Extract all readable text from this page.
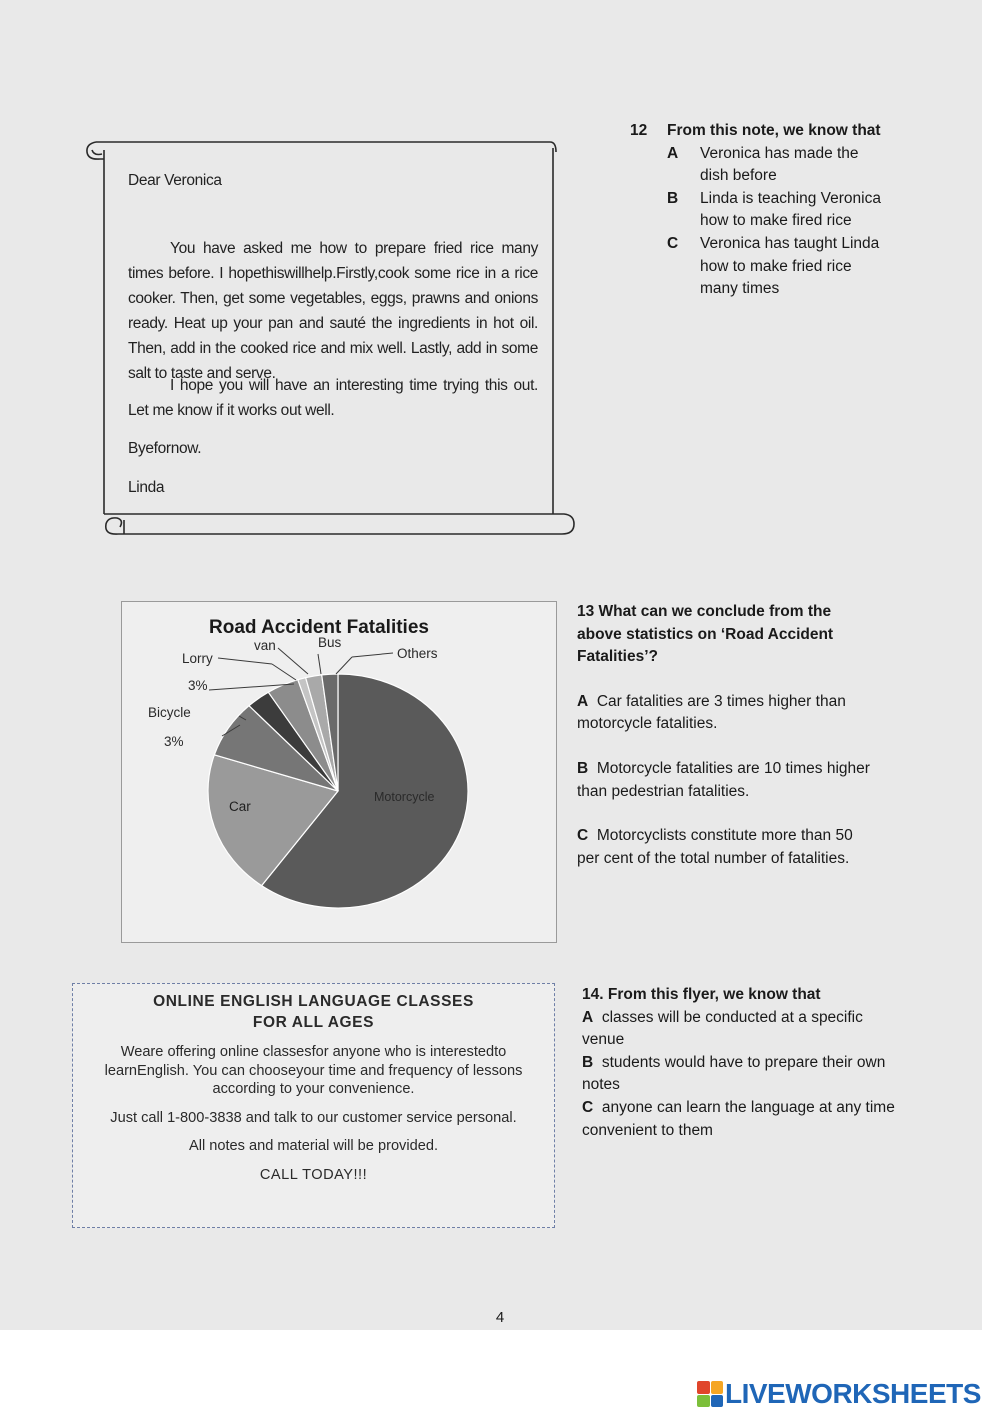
Dear Veronica
You have asked me how to prepare fried rice many times before. I hopethiswillhelp.Firstly,cook some rice in a rice cooker. Then, get some vegetables, eggs, prawns and onions ready. Heat up your pan and sauté the ingredients in hot oil. Then, add in the cooked rice and mix well. Lastly, add in some salt to taste and serve.
I hope you will have an interesting time trying this out. Let me know if it works out well.
Byefornow.
Linda
12	From this note, we know that
A	Veronica has made the dish before
B	Linda is teaching Veronica how to make fired rice
C	Veronica has taught Linda how to make fried rice many times
Road Accident Fatalities
van	Bus
Others
Lorry
3%
Bicycle
3%
Car
Motorcycle

13 What can we conclude from the above statistics on ‘Road Accident Fatalities’?

A Car fatalities are 3 times higher than motorcycle fatalities.

B Motorcycle fatalities are 10 times higher than pedestrian fatalities.

C Motorcyclists constitute more than 50 per cent of the total number of fatalities.

ONLINE ENGLISH LANGUAGE CLASSES
FOR ALL AGES

Weare offering online classesfor anyone who is interestedto learnEnglish. You can chooseyour time and frequency of lessons according to your convenience.

Just call 1-800-3838 and talk to our customer service personal.

All notes and material will be provided.

CALL TODAY!!!

14. From this flyer, we know that

A classes will be conducted at a specific venue

B students would have to prepare their own notes

C anyone can learn the language at any time convenient to them

4
LIVEWORKSHEETS
